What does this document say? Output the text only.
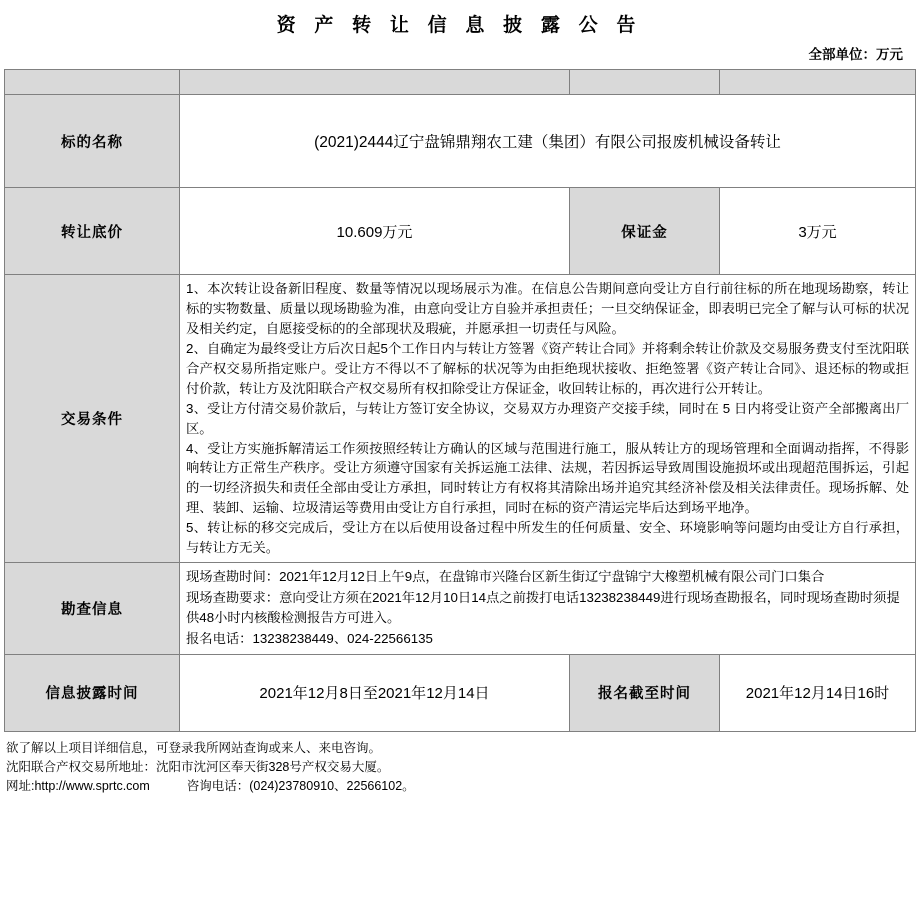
资 产 转 让 信 息 披 露 公 告
全部单位：万元

标的名称	(2021)2444辽宁盘锦鼎翔农工建（集团）有限公司报废机械设备转让		
转让底价	10.609万元	保证金	3万元
交易条件	1、本次转让设备新旧程度、数量等情况以现场展示为准。在信息公告期间意向受让方自行前往标的所在地现场勘察，转让标的实物数量、质量以现场勘验为准，由意向受让方自验并承担责任；一旦交纳保证金，即表明已完全了解与认可标的状况及相关约定，自愿接受标的的全部现状及瑕疵，并愿承担一切责任与风险。

2、自确定为最终受让方后次日起5个工作日内与转让方签署《资产转让合同》并将剩余转让价款及交易服务费支付至沈阳联合产权交易所指定账户。受让方不得以不了解标的状况等为由拒绝现状接收、拒绝签署《资产转让合同》、退还标的物或拒付价款，转让方及沈阳联合产权交易所有权扣除受让方保证金，收回转让标的，再次进行公开转让。

3、受让方付清交易价款后，与转让方签订安全协议，交易双方办理资产交接手续，同时在 5 日内将受让资产全部搬离出厂区。

4、受让方实施拆解清运工作须按照经转让方确认的区域与范围进行施工，服从转让方的现场管理和全面调动指挥，不得影响转让方正常生产秩序。受让方须遵守国家有关拆运施工法律、法规，若因拆运导致周围设施损坏或出现超范围拆运，引起的一切经济损失和责任全部由受让方承担，同时转让方有权将其清除出场并追究其经济补偿及相关法律责任。现场拆解、处理、装卸、运输、垃圾清运等费用由受让方自行承担，同时在标的资产清运完毕后达到场平地净。

5、转让标的移交完成后，受让方在以后使用设备过程中所发生的任何质量、安全、环境影响等问题均由受让方自行承担，与转让方无关。		

勘查信息	现场查勘时间：2021年12月12日上午9点，在盘锦市兴隆台区新生街辽宁盘锦宁大橡塑机械有限公司门口集合

现场查勘要求：意向受让方须在2021年12月10日14点之前拨打电话13238238449进行现场查勘报名，同时现场查勘时须提供48小时内核酸检测报告方可进入。

报名电话：13238238449、024-22566135		

信息披露时间	2021年12月8日至2021年12月14日	报名截至时间	2021年12月14日16时

欲了解以上项目详细信息，可登录我所网站查询或来人、来电咨询。

沈阳联合产权交易所地址：沈阳市沈河区奉天街328号产权交易大厦。

网址:http://www.sprtc.com	咨询电话：(024)23780910、22566102。
